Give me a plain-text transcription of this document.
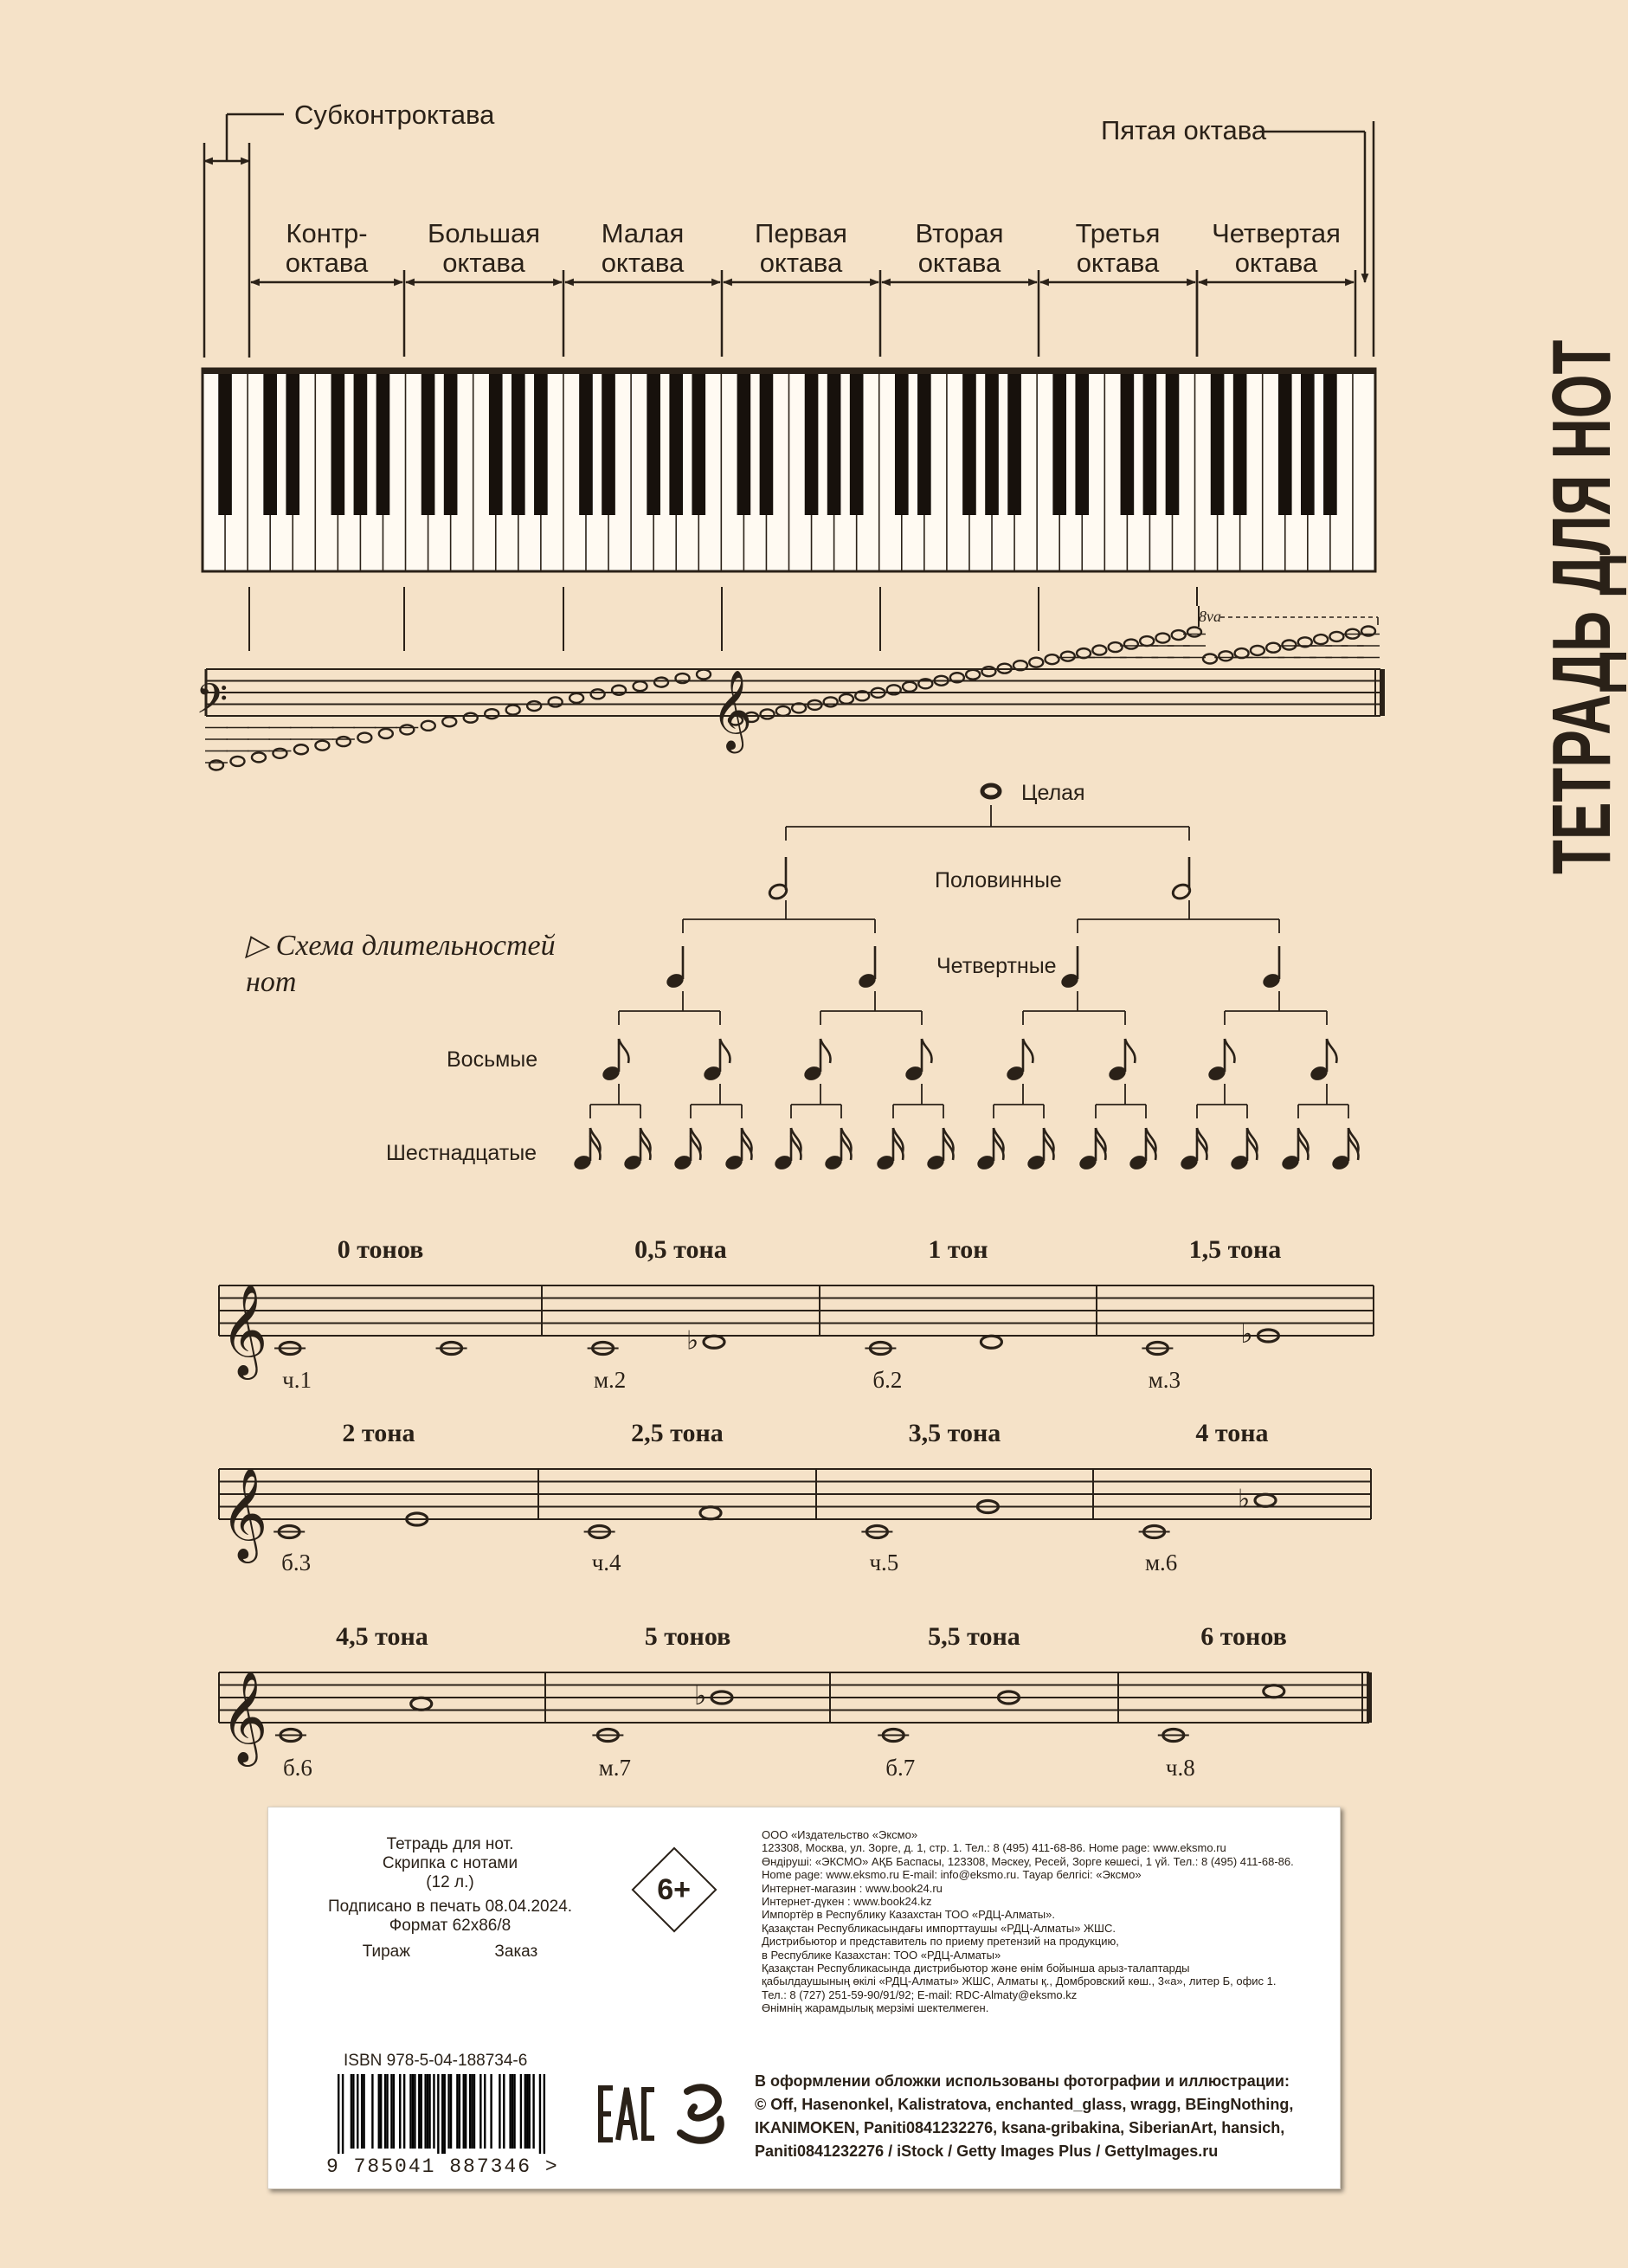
Субконтроктава
Пятая октава
Контр-
октава
Большая
октава
Малая
октава
Первая
октава
Вторая
октава
Третья
октава
Четвертая
октава
𝄢	𝄞
8va
Целая
Половинные
Четвертные
Восьмые
Шестнадцатые
𝄞
0 тонов
ч.1
0,5 тона
м.2
♭
1 тон
б.2
1,5 тона
м.3
♭
𝄞
2 тона
б.3
2,5 тона
ч.4
3,5 тона
ч.5
4 тона
м.6
♭
𝄞
4,5 тона
б.6
5 тонов
м.7
♭
5,5 тона
б.7
6 тонов
ч.8
▷ Схема длительностей
нот
ТЕТРАДЬ ДЛЯ НОТ
Тетрадь для нот.
Скрипка с нотами
(12 л.)
Подписано в печать 08.04.2024.
Формат 62x86/8
Тираж	Заказ
6+
ООО «Издательство «Эксмо»
123308, Москва, ул. Зорге, д. 1, стр. 1. Тел.: 8 (495) 411-68-86. Home page: www.eksmo.ru
Өндіруші: «ЭКСМО» АҚБ Баспасы, 123308, Мәскеу, Ресей, Зорге көшесі, 1 үй. Тел.: 8 (495) 411-68-86.
Home page: www.eksmo.ru E-mail: info@eksmo.ru. Тауар белгісі: «Эксмо»
Интернет-магазин : www.book24.ru
Интернет-дүкен : www.book24.kz
Импортёр в Республику Казахстан ТОО «РДЦ-Алматы».
Қазақстан Республикасындағы импорттаушы «РДЦ-Алматы» ЖШС.
Дистрибьютор и представитель по приему претензий на продукцию,
в Республике Казахстан: ТОО «РДЦ-Алматы»
Қазақстан Республикасында дистрибьютор және өнім бойынша арыз-талаптарды
қабылдаушының өкілі «РДЦ-Алматы» ЖШС, Алматы қ., Домбровский көш., 3«а», литер Б, офис 1.
Тел.: 8 (727) 251-59-90/91/92; E-mail: RDC-Almaty@eksmo.kz
Өнімнің жарамдылық мерзімі шектелмеген.
В оформлении обложки использованы фотографии и иллюстрации:
© Off, Hasenonkel, Kalistratova, enchanted_glass, wragg, BEingNothing,
IKANIMOKEN, Paniti0841232276, ksana-gribakina, SiberianArt, hansich,
Paniti0841232276 / iStock / Getty Images Plus / GettyImages.ru
ISBN 978-5-04-188734-6
9 785041 887346 >
